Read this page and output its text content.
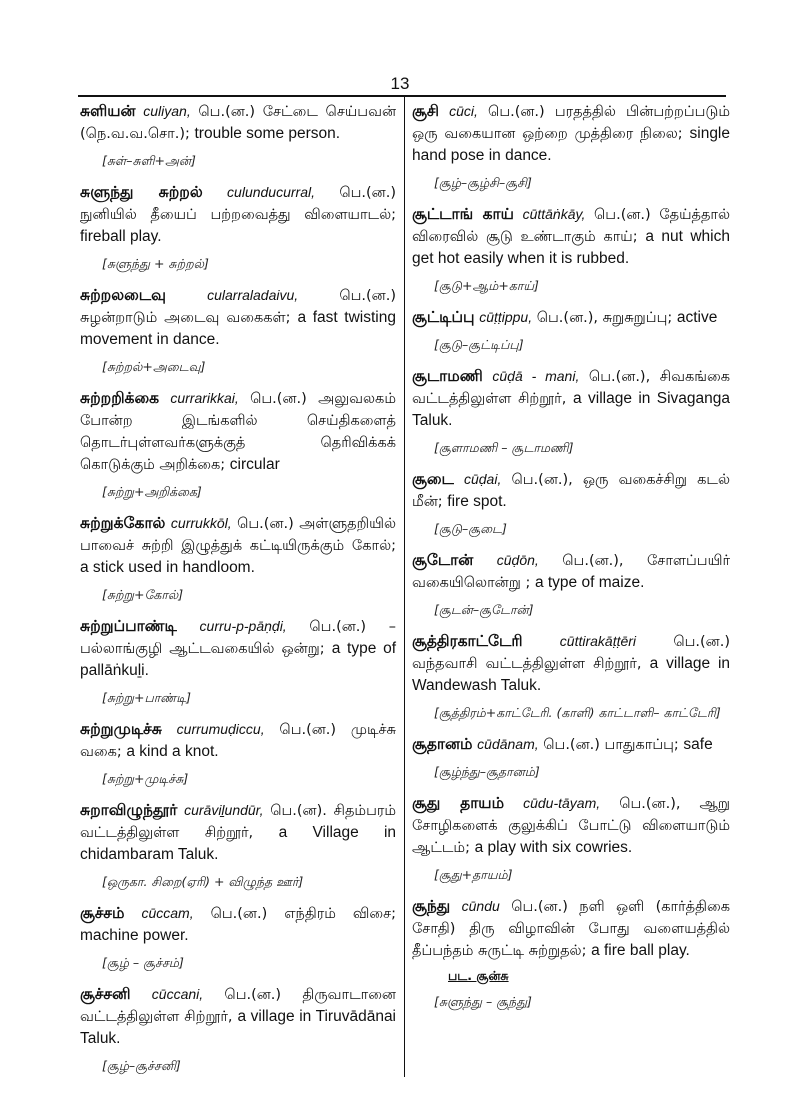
13

சுளியன் culiyan, பெ.(ன.) சேட்டை செய்பவன் (நெ.வ.வ.சொ.); trouble some person.

[சுள்–சுளி+அன்]

சுளுந்து சுற்றல் culunducurral, பெ.(ன.) நுனியில் தீயைப் பற்றவைத்து விளையாடல்; fireball play.

[சுளுந்து + சுற்றல்]

சுற்றலடைவு	cularraladaivu,	பெ.(ன.) சுழன்றாடும் அடைவு வகைகள்; a fast twisting movement in dance.

[சுற்றல்+அடைவு]

சுற்றறிக்கை currarikkai, பெ.(ன.) அலுவலகம் போன்ற இடங்களில் செய்திகளைத் தொடர்புள்ளவர்களுக்குத் தெரிவிக்கக் கொடுக்கும் அறிக்கை; circular

[சுற்று+அறிக்கை]

சுற்றுக்கோல் currukkōl, பெ.(ன.) அள்ளுதறியில் பாவைச் சுற்றி இழுத்துக் கட்டியிருக்கும் கோல்; a stick used in handloom.

[சுற்று+கோல்]

சுற்றுப்பாண்டி curru-p-pāṇḍi, பெ.(ன.) – பல்லாங்குழி ஆட்டவகையில் ஒன்று; a type of pallāṅkuḻi.

[சுற்று+பாண்டி]

சுற்றுமுடிச்சு currumuḍiccu, பெ.(ன.) முடிச்சு வகை; a kind a knot.

[சுற்று+முடிச்சு]

சுறாவிழுந்தூர் curāviḻundūr, பெ.(ன). சிதம்பரம் வட்டத்திலுள்ள சிற்றூர், a Village in chidambaram Taluk.

[ஒருகா. சிறை(ஏரி) + விழுந்த ஊர்]

சூச்சம் cūccam, பெ.(ன.) எந்திரம் விசை; machine power.

[சூழ் – சூச்சம்]

சூச்சனி cūccani, பெ.(ன.) திருவாடானை வட்டத்திலுள்ள சிற்றூர், a village in Tiruvādānai Taluk.

[சூழ்–சூச்சனி]

சூசி cūci, பெ.(ன.) பரதத்தில் பின்பற்றப்படும் ஒரு வகையான ஒற்றை முத்திரை நிலை; single hand pose in dance.

[சூழ்–சூழ்சி–சூசி]

சூட்டாங் காய் cūttāṅkāy, பெ.(ன.) தேய்த்தால் விரைவில் சூடு உண்டாகும் காய்; a nut which get hot easily when it is rubbed.

[சூடு+ஆம்+காய்]

சூட்டிப்பு cūṭṭippu, பெ.(ன.), சுறுசுறுப்பு; active

[சூடு–சூட்டிப்பு]

சூடாமணி cūḍā - mani, பெ.(ன.), சிவகங்கை வட்டத்திலுள்ள சிற்றூர், a village in Sivaganga Taluk.

[சூளாமணி – சூடாமணி]

சூடை cūḍai, பெ.(ன.), ஒரு வகைச்சிறு கடல் மீன்; fire spot.

[சூடு–சூடை]

சூடோன் cūḍōn, பெ.(ன.), சோளப்பயிர் வகையிலொன்று ; a type of maize.

[சூடன்–சூடோன்]

சூத்திரகாட்டேரி	cūttirakāṭṭēri	பெ.(ன.) வந்தவாசி வட்டத்திலுள்ள சிற்றூர், a village in Wandewash Taluk.

[சூத்திரம்+காட்டேரி. (காளி) காட்டாளி– காட்டேரி]

சூதானம் cūdānam, பெ.(ன.) பாதுகாப்பு; safe

[சூழ்ந்து–சூதானம்]

சூது தாயம் cūdu-tāyam, பெ.(ன.), ஆறு சோழிகளைக் குலுக்கிப் போட்டு விளையாடும் ஆட்டம்; a play with six cowries.

[சூது+தாயம்]

சூந்து cūndu பெ.(ன.) நளி ஒளி (கார்த்திகை சோதி) திரு விழாவின் போது வளையத்தில் தீப்பந்தம் சுருட்டி சுற்றுதல்; a fire ball play.

பட. சூன்சு
[சுளுந்து – சூந்து]
